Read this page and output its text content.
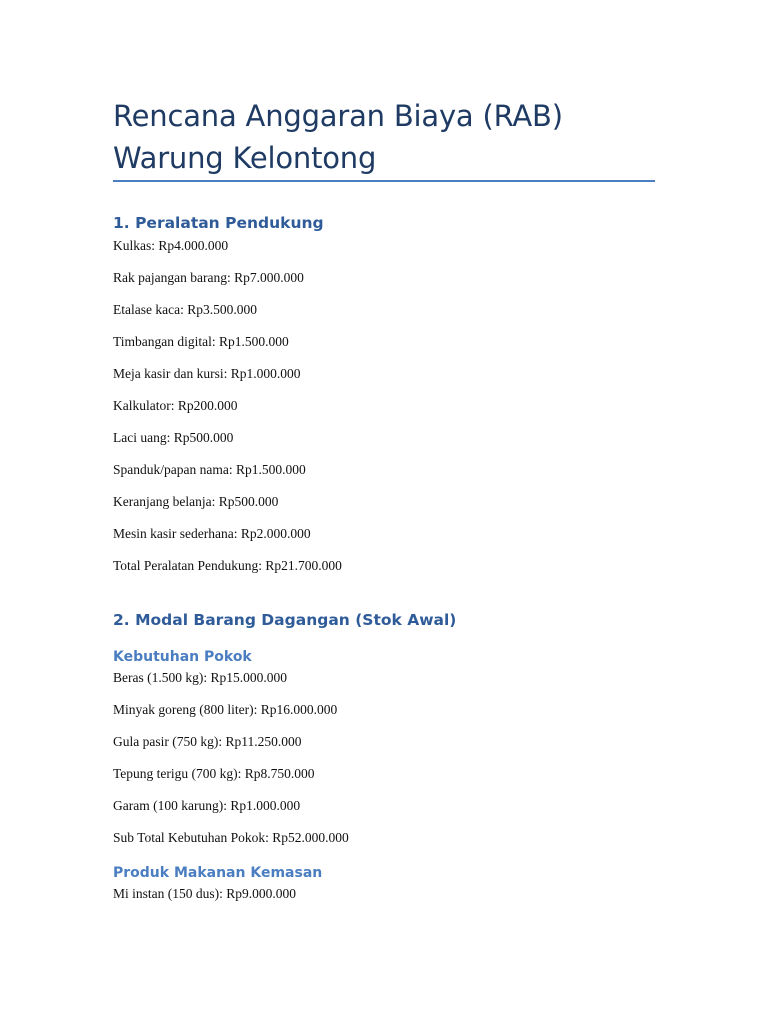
Rencana Anggaran Biaya (RAB) Warung Kelontong
1. Peralatan Pendukung

Kulkas: Rp4.000.000

Rak pajangan barang: Rp7.000.000

Etalase kaca: Rp3.500.000

Timbangan digital: Rp1.500.000

Meja kasir dan kursi: Rp1.000.000

Kalkulator: Rp200.000

Laci uang: Rp500.000

Spanduk/papan nama: Rp1.500.000

Keranjang belanja: Rp500.000

Mesin kasir sederhana: Rp2.000.000

Total Peralatan Pendukung: Rp21.700.000

2. Modal Barang Dagangan (Stok Awal)
Kebutuhan Pokok

Beras (1.500 kg): Rp15.000.000

Minyak goreng (800 liter): Rp16.000.000

Gula pasir (750 kg): Rp11.250.000

Tepung terigu (700 kg): Rp8.750.000

Garam (100 karung): Rp1.000.000

Sub Total Kebutuhan Pokok: Rp52.000.000

Produk Makanan Kemasan

Mi instan (150 dus): Rp9.000.000
